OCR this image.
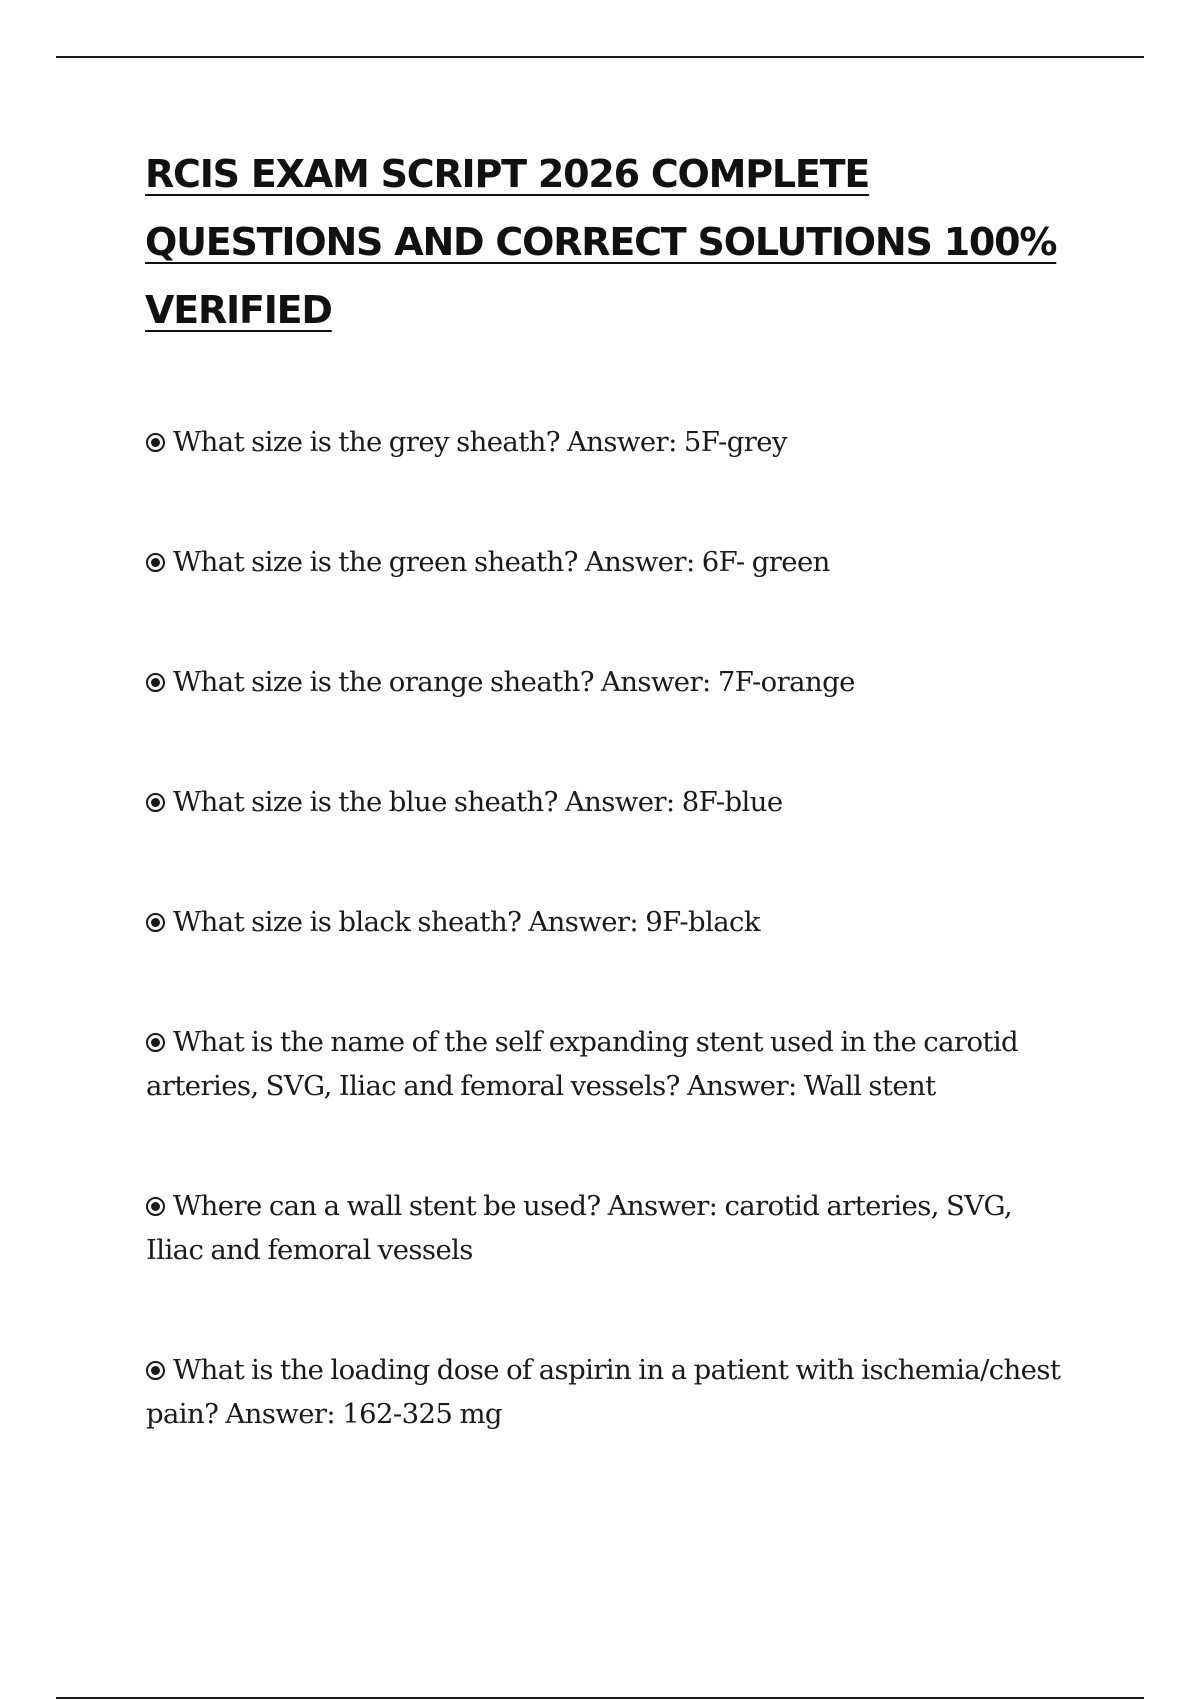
RCIS EXAM SCRIPT 2026 COMPLETE QUESTIONS AND CORRECT SOLUTIONS 100% VERIFIED
What size is the grey sheath? Answer: 5F-grey
What size is the green sheath? Answer: 6F- green
What size is the orange sheath? Answer: 7F-orange
What size is the blue sheath? Answer: 8F-blue
What size is black sheath? Answer: 9F-black
What is the name of the self expanding stent used in the carotid arteries, SVG, Iliac and femoral vessels? Answer: Wall stent
Where can a wall stent be used? Answer: carotid arteries, SVG, Iliac and femoral vessels
What is the loading dose of aspirin in a patient with ischemia/chest pain? Answer: 162-325 mg
